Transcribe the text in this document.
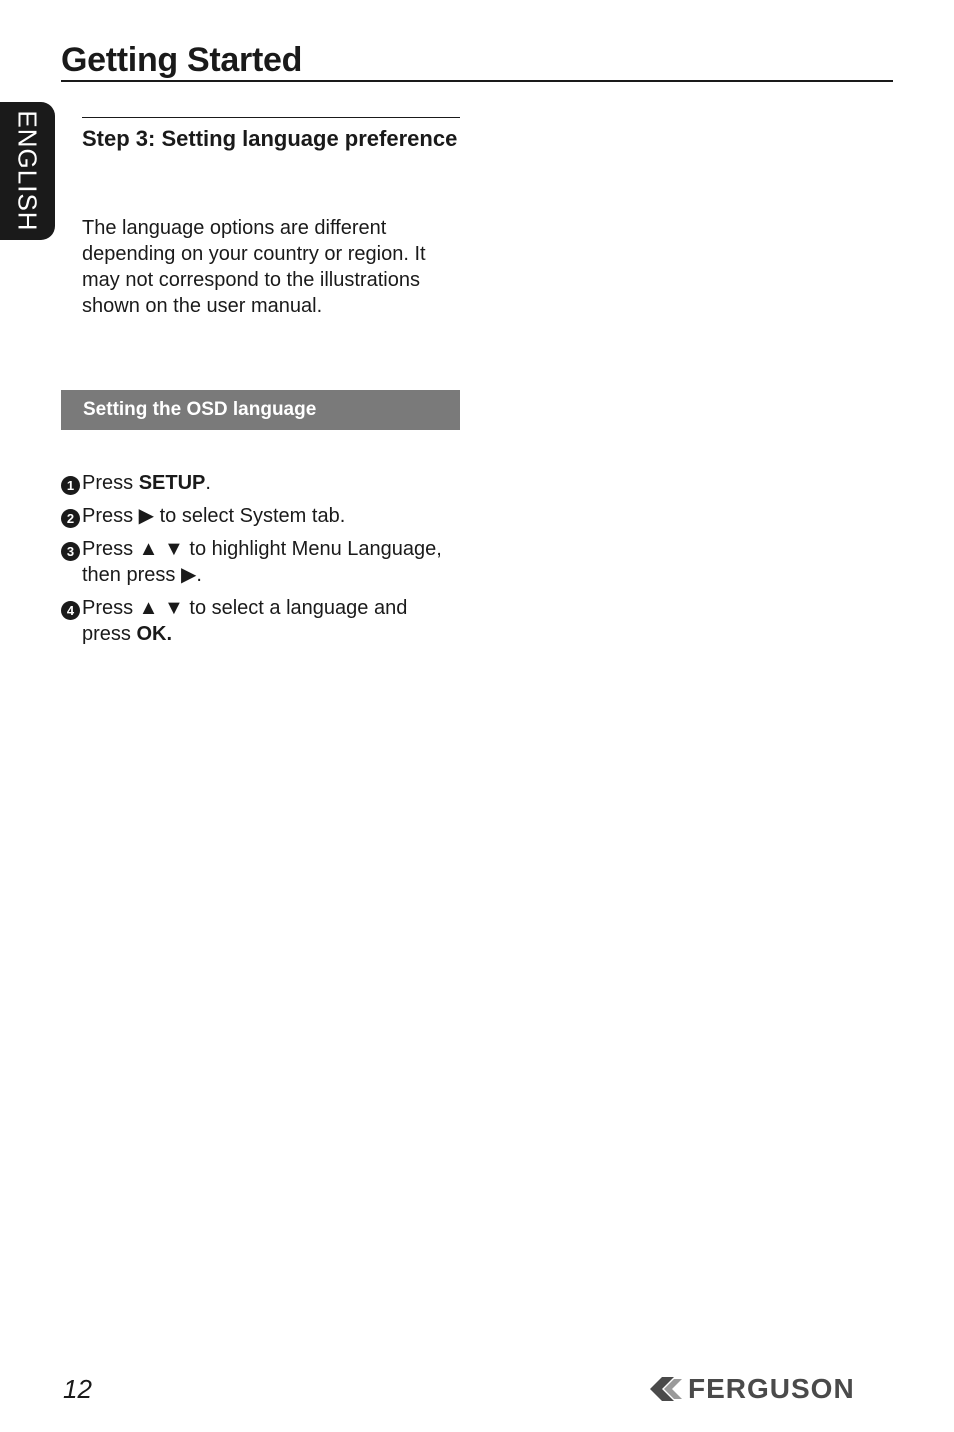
Getting Started
ENGLISH Step 3: Setting language preference

The language options are different depending on your country or region. It may not correspond to the illustrations shown on the user manual.

Setting the OSD language
1 Press SETUP.
2 Press ▶ to select System tab.
3 Press ▲ ▼ to highlight Menu Language, then press ▶.
4 Press ▲ ▼ to select a language and press OK.
12	FERGUSON
